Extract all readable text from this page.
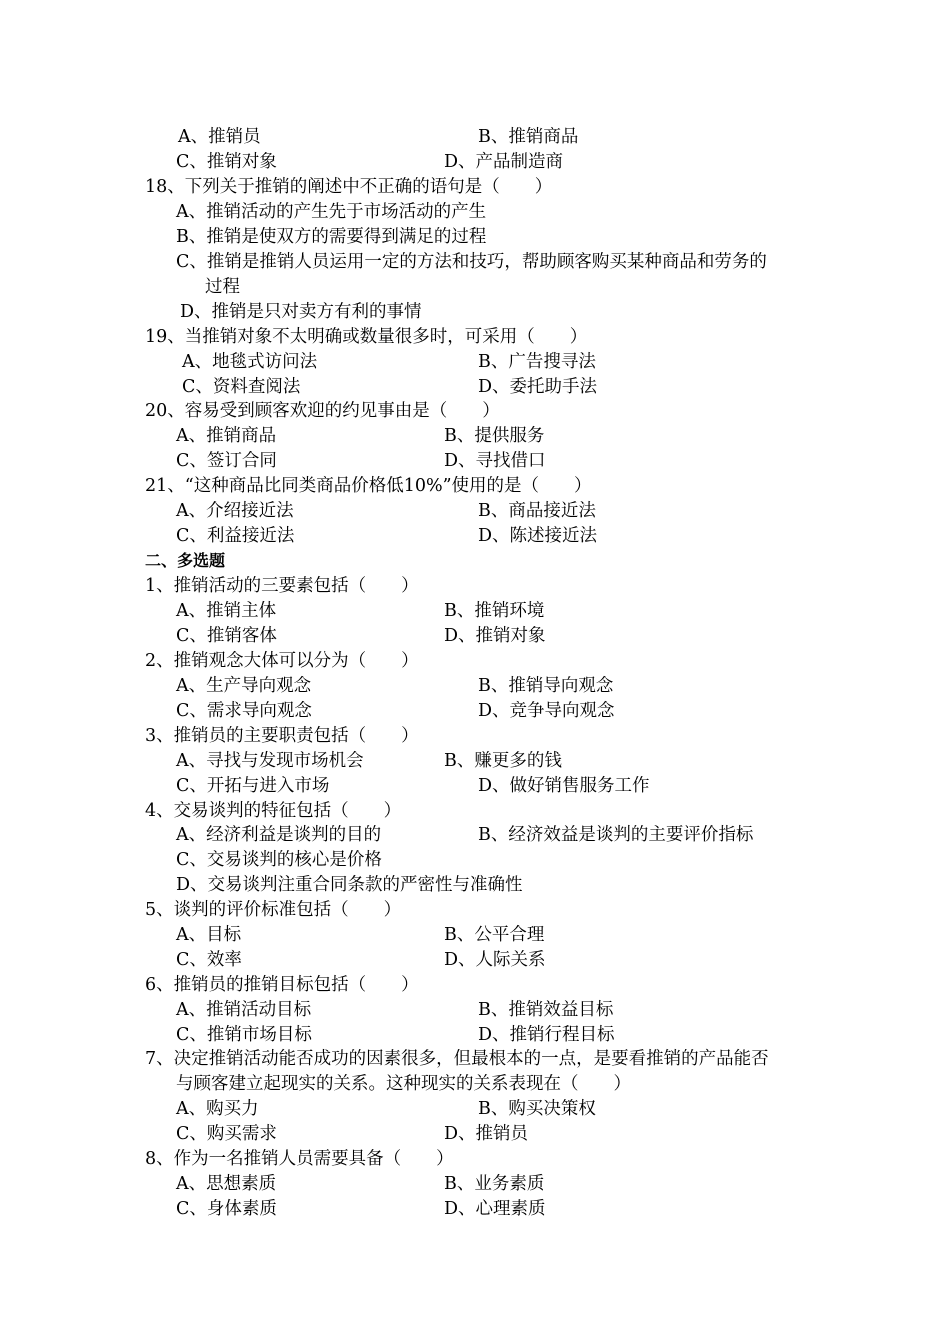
A、推销员	B、推销商品
C、推销对象	D、产品制造商
18、下列关于推销的阐述中不正确的语句是（　　）
A、推销活动的产生先于市场活动的产生
B、推销是使双方的需要得到满足的过程
C、推销是推销人员运用一定的方法和技巧，帮助顾客购买某种商品和劳务的
过程
D、推销是只对卖方有利的事情
19、当推销对象不太明确或数量很多时，可采用（　　）
A、地毯式访问法	B、广告搜寻法
C、资料查阅法	D、委托助手法
20、容易受到顾客欢迎的约见事由是（　　）
A、推销商品	B、提供服务
C、签订合同	D、寻找借口
21、“这种商品比同类商品价格低10%”使用的是（　　）
A、介绍接近法	B、商品接近法
C、利益接近法	D、陈述接近法
二、多选题
1、推销活动的三要素包括（　　）
A、推销主体	B、推销环境
C、推销客体	D、推销对象
2、推销观念大体可以分为（　　）
A、生产导向观念	B、推销导向观念
C、需求导向观念	D、竞争导向观念
3、推销员的主要职责包括（　　）
A、寻找与发现市场机会	B、赚更多的钱
C、开拓与进入市场	D、做好销售服务工作
4、交易谈判的特征包括（　　）
A、经济利益是谈判的目的	B、经济效益是谈判的主要评价指标
C、交易谈判的核心是价格
D、交易谈判注重合同条款的严密性与准确性
5、谈判的评价标准包括（　　）
A、目标	B、公平合理
C、效率	D、人际关系
6、推销员的推销目标包括（　　）
A、推销活动目标	B、推销效益目标
C、推销市场目标	D、推销行程目标
7、决定推销活动能否成功的因素很多，但最根本的一点，是要看推销的产品能否
与顾客建立起现实的关系。这种现实的关系表现在（　　）
A、购买力	B、购买决策权
C、购买需求	D、推销员
8、作为一名推销人员需要具备（　　）
A、思想素质	B、业务素质
C、身体素质	D、心理素质
